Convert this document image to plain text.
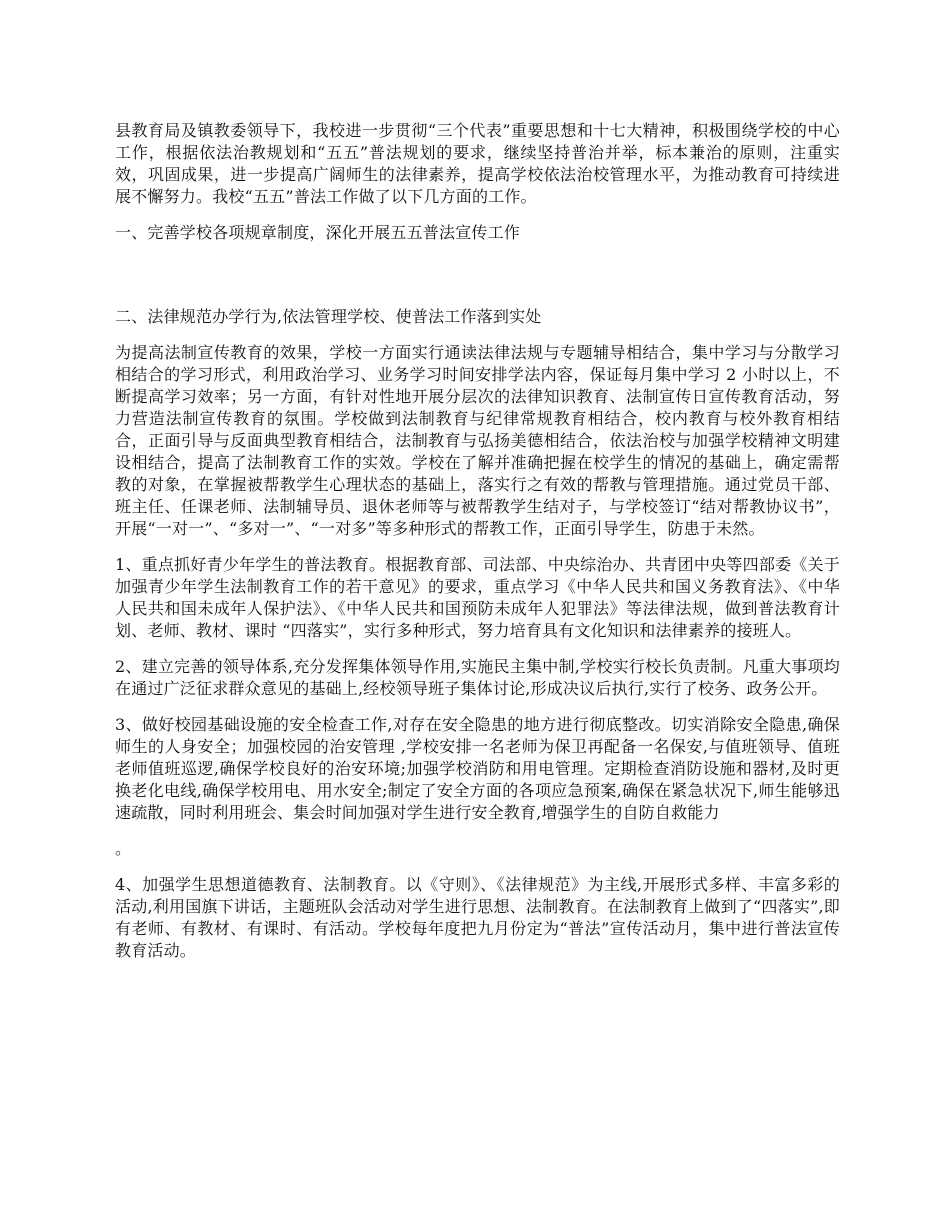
县教育局及镇教委领导下，我校进一步贯彻“三个代表”重要思想和十七大精神，积极围绕学校的中心工作，根据依法治教规划和“五五”普法规划的要求，继续坚持普治并举，标本兼治的原则，注重实效，巩固成果，进一步提高广阔师生的法律素养，提高学校依法治校管理水平，为推动教育可持续进展不懈努力。我校“五五”普法工作做了以下几方面的工作。

一、完善学校各项规章制度，深化开展五五普法宣传工作

二、法律规范办学行为,依法管理学校、使普法工作落到实处

为提高法制宣传教育的效果，学校一方面实行通读法律法规与专题辅导相结合，集中学习与分散学习相结合的学习形式，利用政治学习、业务学习时间安排学法内容，保证每月集中学习 2 小时以上，不断提高学习效率；另一方面，有针对性地开展分层次的法律知识教育、法制宣传日宣传教育活动，努力营造法制宣传教育的氛围。学校做到法制教育与纪律常规教育相结合，校内教育与校外教育相结合，正面引导与反面典型教育相结合，法制教育与弘扬美德相结合，依法治校与加强学校精神文明建设相结合，提高了法制教育工作的实效。学校在了解并准确把握在校学生的情况的基础上，确定需帮教的对象，在掌握被帮教学生心理状态的基础上，落实行之有效的帮教与管理措施。通过党员干部、班主任、任课老师、法制辅导员、退休老师等与被帮教学生结对子，与学校签订“结对帮教协议书”，开展“一对一”、“多对一”、“一对多”等多种形式的帮教工作，正面引导学生，防患于未然。

1、重点抓好青少年学生的普法教育。根据教育部、司法部、中央综治办、共青团中央等四部委《关于加强青少年学生法制教育工作的若干意见》的要求，重点学习《中华人民共和国义务教育法》、《中华人民共和国未成年人保护法》、《中华人民共和国预防未成年人犯罪法》等法律法规，做到普法教育计划、老师、教材、课时 “四落实”，实行多种形式，努力培育具有文化知识和法律素养的接班人。

2、建立完善的领导体系,充分发挥集体领导作用,实施民主集中制,学校实行校长负责制。凡重大事项均在通过广泛征求群众意见的基础上,经校领导班子集体讨论,形成决议后执行,实行了校务、政务公开。

3、做好校园基础设施的安全检查工作,对存在安全隐患的地方进行彻底整改。切实消除安全隐患,确保师生的人身安全；加强校园的治安管理 ,学校安排一名老师为保卫再配备一名保安,与值班领导、值班老师值班巡逻,确保学校良好的治安环境;加强学校消防和用电管理。定期检查消防设施和器材,及时更换老化电线,确保学校用电、用水安全;制定了安全方面的各项应急预案,确保在紧急状况下,师生能够迅速疏散，同时利用班会、集会时间加强对学生进行安全教育,增强学生的自防自救能力

。

4、加强学生思想道德教育、法制教育。以《守则》、《法律规范》为主线,开展形式多样、丰富多彩的活动,利用国旗下讲话，主题班队会活动对学生进行思想、法制教育。在法制教育上做到了“四落实”,即有老师、有教材、有课时、有活动。学校每年度把九月份定为“普法”宣传活动月，集中进行普法宣传教育活动。
